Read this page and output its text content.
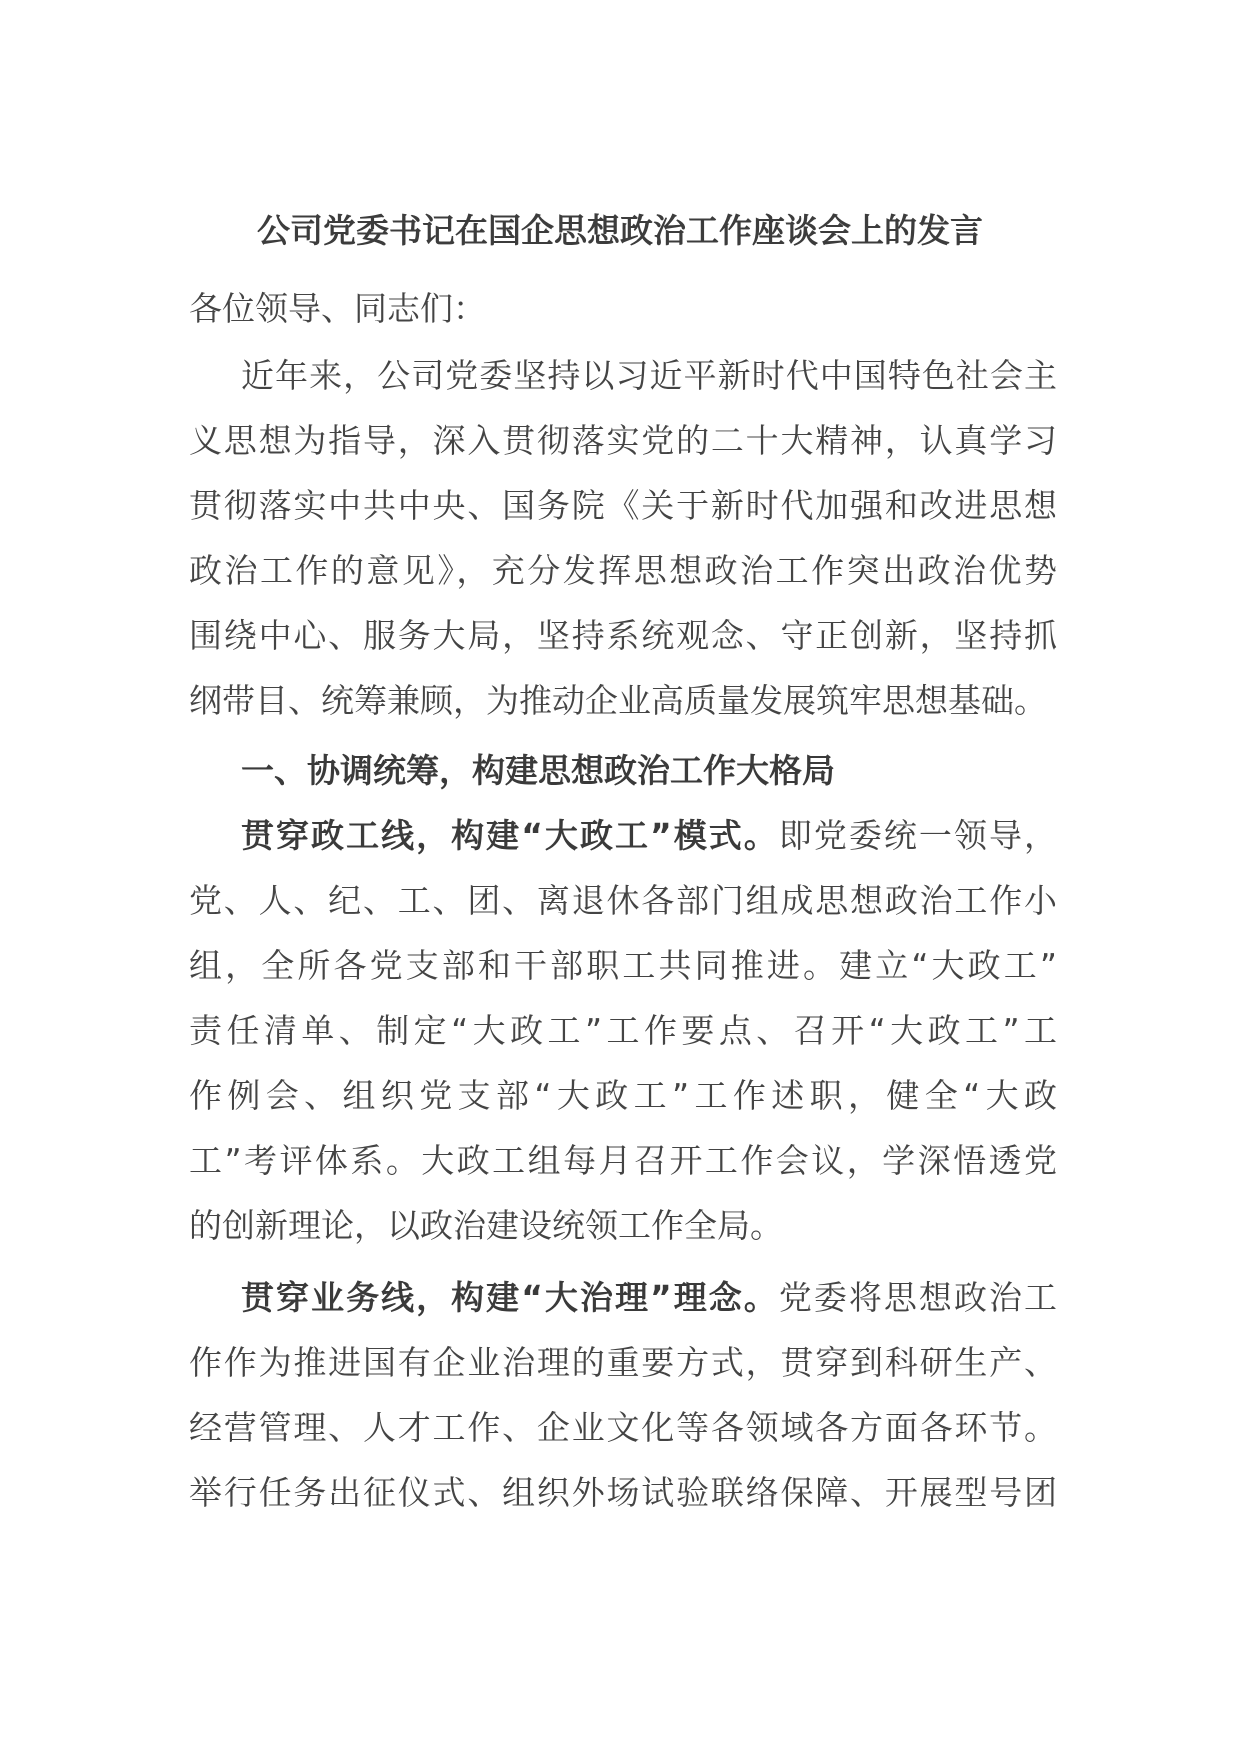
公司党委书记在国企思想政治工作座谈会上的发言
各位领导、同志们：
近年来，公司党委坚持以习近平新时代中国特色社会主
义思想为指导，深入贯彻落实党的二十大精神，认真学习
贯彻落实中共中央、国务院《关于新时代加强和改进思想
政治工作的意见》，充分发挥思想政治工作突出政治优势
围绕中心、服务大局，坚持系统观念、守正创新，坚持抓
纲带目、统筹兼顾，为推动企业高质量发展筑牢思想基础。
一、协调统筹，构建思想政治工作大格局
贯穿政工线，构建“大政工”模式。即党委统一领导，
党、人、纪、工、团、离退休各部门组成思想政治工作小
组，全所各党支部和干部职工共同推进。建立“大政工”
责任清单、制定“大政工”工作要点、召开“大政工”工
作例会、组织党支部“大政工”工作述职，健全“大政
工”考评体系。大政工组每月召开工作会议，学深悟透党
的创新理论，以政治建设统领工作全局。
贯穿业务线，构建“大治理”理念。党委将思想政治工
作作为推进国有企业治理的重要方式，贯穿到科研生产、
经营管理、人才工作、企业文化等各领域各方面各环节。
举行任务出征仪式、组织外场试验联络保障、开展型号团
